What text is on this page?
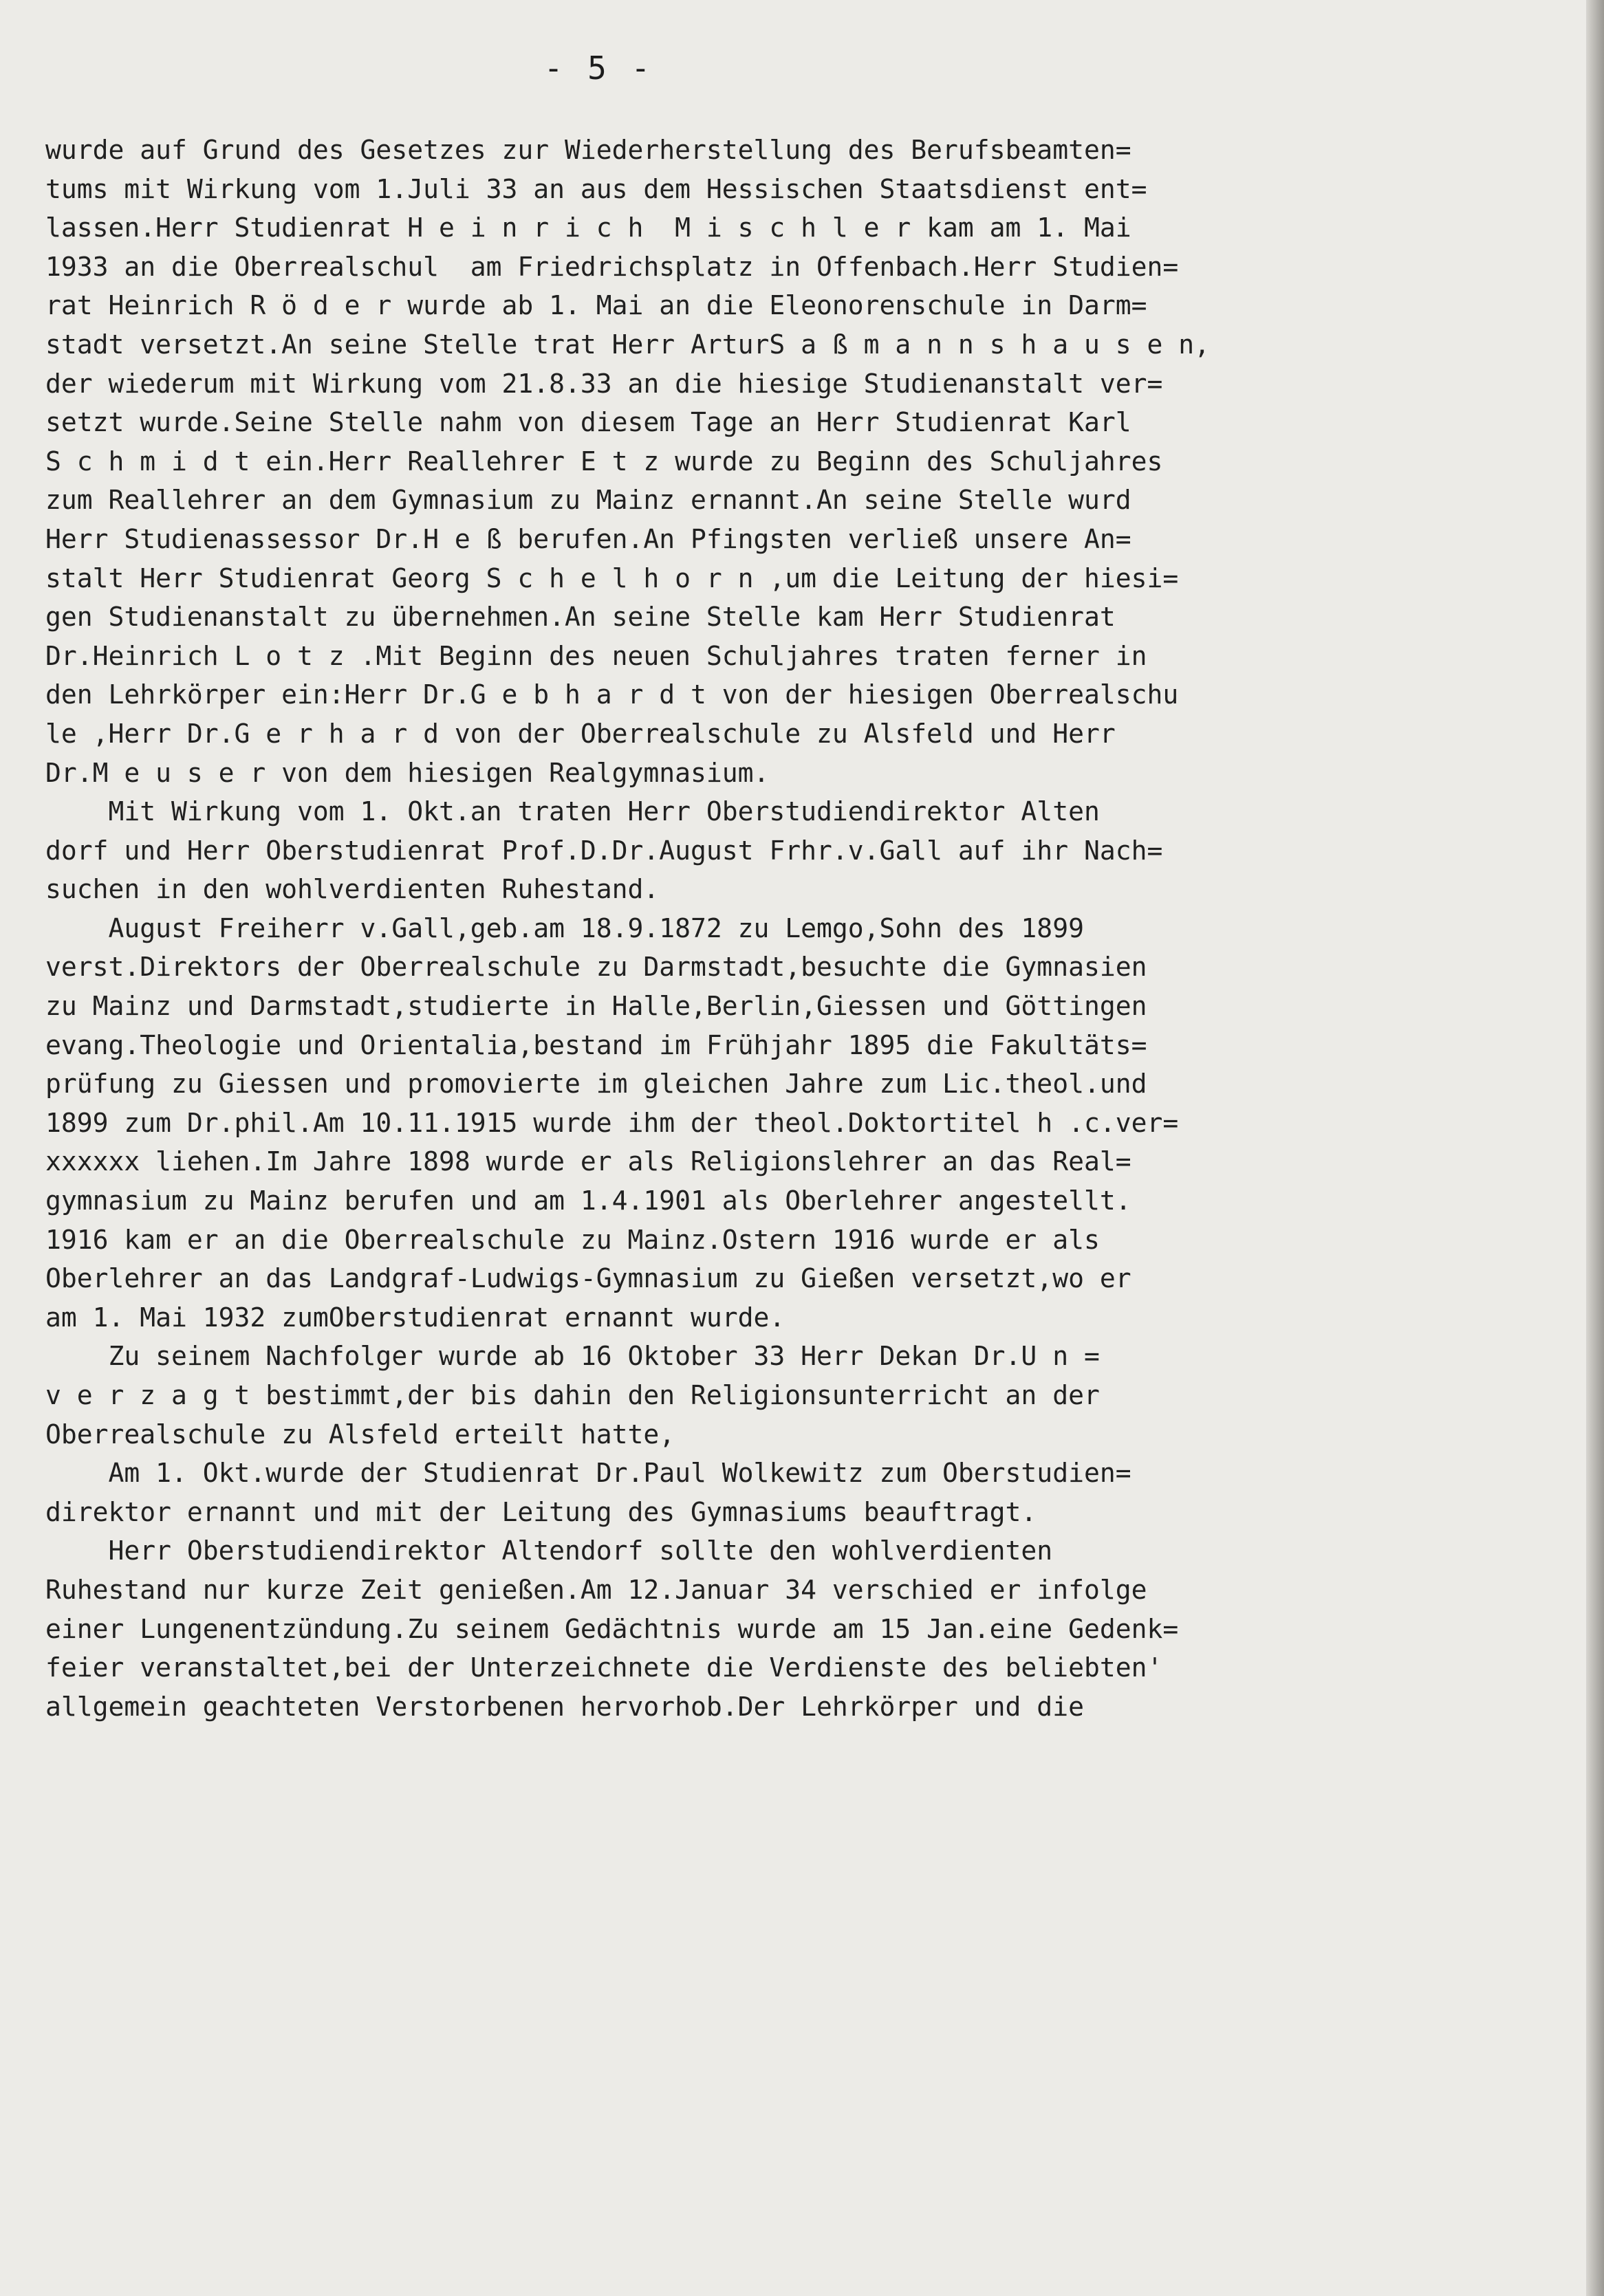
- 5 -
wurde auf Grund des Gesetzes zur Wiederherstellung des Berufsbeamten=
tums mit Wirkung vom 1.Juli 33 an aus dem Hessischen Staatsdienst ent=
lassen.Herr Studienrat H e i n r i c h  M i s c h l e r kam am 1. Mai
1933 an die Oberrealschul  am Friedrichsplatz in Offenbach.Herr Studien=
rat Heinrich R ö d e r wurde ab 1. Mai an die Eleonorenschule in Darm=
stadt versetzt.An seine Stelle trat Herr ArturS a ß m a n n s h a u s e n,
der wiederum mit Wirkung vom 21.8.33 an die hiesige Studienanstalt ver=
setzt wurde.Seine Stelle nahm von diesem Tage an Herr Studienrat Karl
S c h m i d t ein.Herr Reallehrer E t z wurde zu Beginn des Schuljahres
zum Reallehrer an dem Gymnasium zu Mainz ernannt.An seine Stelle wurd
Herr Studienassessor Dr.H e ß berufen.An Pfingsten verließ unsere An=
stalt Herr Studienrat Georg S c h e l h o r n ,um die Leitung der hiesi=
gen Studienanstalt zu übernehmen.An seine Stelle kam Herr Studienrat
Dr.Heinrich L o t z .Mit Beginn des neuen Schuljahres traten ferner in
den Lehrkörper ein:Herr Dr.G e b h a r d t von der hiesigen Oberrealschu
le ,Herr Dr.G e r h a r d von der Oberrealschule zu Alsfeld und Herr
Dr.M e u s e r von dem hiesigen Realgymnasium.
Mit Wirkung vom 1. Okt.an traten Herr Oberstudiendirektor Alten
dorf und Herr Oberstudienrat Prof.D.Dr.August Frhr.v.Gall auf ihr Nach=
suchen in den wohlverdienten Ruhestand.
August Freiherr v.Gall,geb.am 18.9.1872 zu Lemgo,Sohn des 1899
verst.Direktors der Oberrealschule zu Darmstadt,besuchte die Gymnasien
zu Mainz und Darmstadt,studierte in Halle,Berlin,Giessen und Göttingen
evang.Theologie und Orientalia,bestand im Frühjahr 1895 die Fakultäts=
prüfung zu Giessen und promovierte im gleichen Jahre zum Lic.theol.und
1899 zum Dr.phil.Am 10.11.1915 wurde ihm der theol.Doktortitel h .c.ver=
xxxxxx liehen.Im Jahre 1898 wurde er als Religionslehrer an das Real=
gymnasium zu Mainz berufen und am 1.4.1901 als Oberlehrer angestellt.
1916 kam er an die Oberrealschule zu Mainz.Ostern 1916 wurde er als
Oberlehrer an das Landgraf-Ludwigs-Gymnasium zu Gießen versetzt,wo er
am 1. Mai 1932 zumOberstudienrat ernannt wurde.
Zu seinem Nachfolger wurde ab 16 Oktober 33 Herr Dekan Dr.U n =
v e r z a g t bestimmt,der bis dahin den Religionsunterricht an der
Oberrealschule zu Alsfeld erteilt hatte,
Am 1. Okt.wurde der Studienrat Dr.Paul Wolkewitz zum Oberstudien=
direktor ernannt und mit der Leitung des Gymnasiums beauftragt.
Herr Oberstudiendirektor Altendorf sollte den wohlverdienten
Ruhestand nur kurze Zeit genießen.Am 12.Januar 34 verschied er infolge
einer Lungenentzündung.Zu seinem Gedächtnis wurde am 15 Jan.eine Gedenk=
feier veranstaltet,bei der Unterzeichnete die Verdienste des beliebten'
allgemein geachteten Verstorbenen hervorhob.Der Lehrkörper und die
